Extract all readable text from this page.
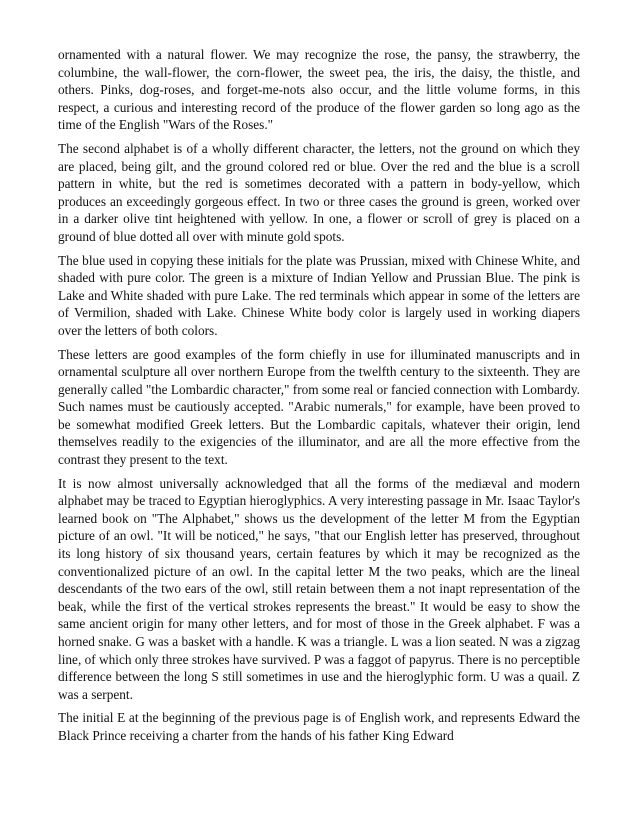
ornamented with a natural flower. We may recognize the rose, the pansy, the strawberry, the columbine, the wall-flower, the corn-flower, the sweet pea, the iris, the daisy, the thistle, and others. Pinks, dog-roses, and forget-me-nots also occur, and the little volume forms, in this respect, a curious and interesting record of the produce of the flower garden so long ago as the time of the English "Wars of the Roses."

The second alphabet is of a wholly different character, the letters, not the ground on which they are placed, being gilt, and the ground colored red or blue. Over the red and the blue is a scroll pattern in white, but the red is sometimes decorated with a pattern in body-yellow, which produces an exceedingly gorgeous effect. In two or three cases the ground is green, worked over in a darker olive tint heightened with yellow. In one, a flower or scroll of grey is placed on a ground of blue dotted all over with minute gold spots.

The blue used in copying these initials for the plate was Prussian, mixed with Chinese White, and shaded with pure color. The green is a mixture of Indian Yellow and Prussian Blue. The pink is Lake and White shaded with pure Lake. The red terminals which appear in some of the letters are of Vermilion, shaded with Lake. Chinese White body color is largely used in working diapers over the letters of both colors.

These letters are good examples of the form chiefly in use for illuminated manuscripts and in ornamental sculpture all over northern Europe from the twelfth century to the sixteenth. They are generally called "the Lombardic character," from some real or fancied connection with Lombardy. Such names must be cautiously accepted. "Arabic numerals," for example, have been proved to be somewhat modified Greek letters. But the Lombardic capitals, whatever their origin, lend themselves readily to the exigencies of the illuminator, and are all the more effective from the contrast they present to the text.

It is now almost universally acknowledged that all the forms of the mediæval and modern alphabet may be traced to Egyptian hieroglyphics. A very interesting passage in Mr. Isaac Taylor's learned book on "The Alphabet," shows us the development of the letter M from the Egyptian picture of an owl. "It will be noticed," he says, "that our English letter has preserved, throughout its long history of six thousand years, certain features by which it may be recognized as the conventionalized picture of an owl. In the capital letter M the two peaks, which are the lineal descendants of the two ears of the owl, still retain between them a not inapt representation of the beak, while the first of the vertical strokes represents the breast." It would be easy to show the same ancient origin for many other letters, and for most of those in the Greek alphabet. F was a horned snake. G was a basket with a handle. K was a triangle. L was a lion seated. N was a zigzag line, of which only three strokes have survived. P was a faggot of papyrus. There is no perceptible difference between the long S still sometimes in use and the hieroglyphic form. U was a quail. Z was a serpent.

The initial E at the beginning of the previous page is of English work, and represents Edward the Black Prince receiving a charter from the hands of his father King Edward
